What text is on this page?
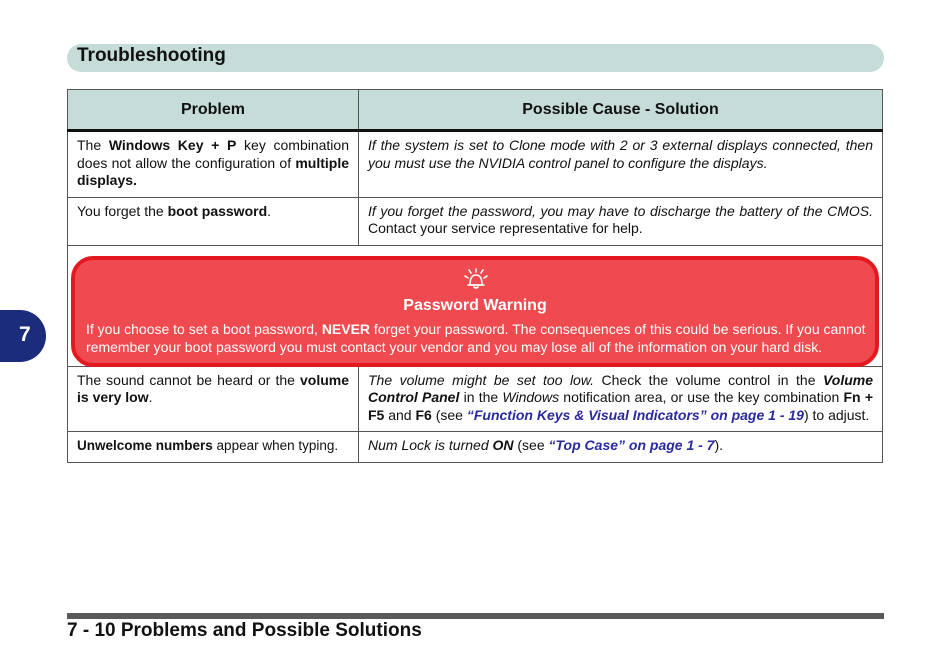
Troubleshooting
7
Problem	Possible Cause - Solution
The Windows Key + P key combination does not allow the configuration of multiple displays.	If the system is set to Clone mode with 2 or 3 external displays connected, then you must use the NVIDIA control panel to configure the displays.
You forget the boot password.	If you forget the password, you may have to discharge the battery of the CMOS. Contact your service representative for help.

The sound cannot be heard or the volume is very low.	The volume might be set too low. Check the volume control in the Volume Control Panel in the Windows notification area, or use the key combination Fn + F5 and F6 (see “Function Keys & Visual Indicators” on page 1 - 19) to adjust.
Unwelcome numbers appear when typing.	Num Lock is turned ON (see “Top Case” on page 1 - 7).
Password Warning
If you choose to set a boot password, NEVER forget your password. The consequences of this could be serious. If you cannot remember your boot password you must contact your vendor and you may lose all of the information on your hard disk.
7 - 10 Problems and Possible Solutions
